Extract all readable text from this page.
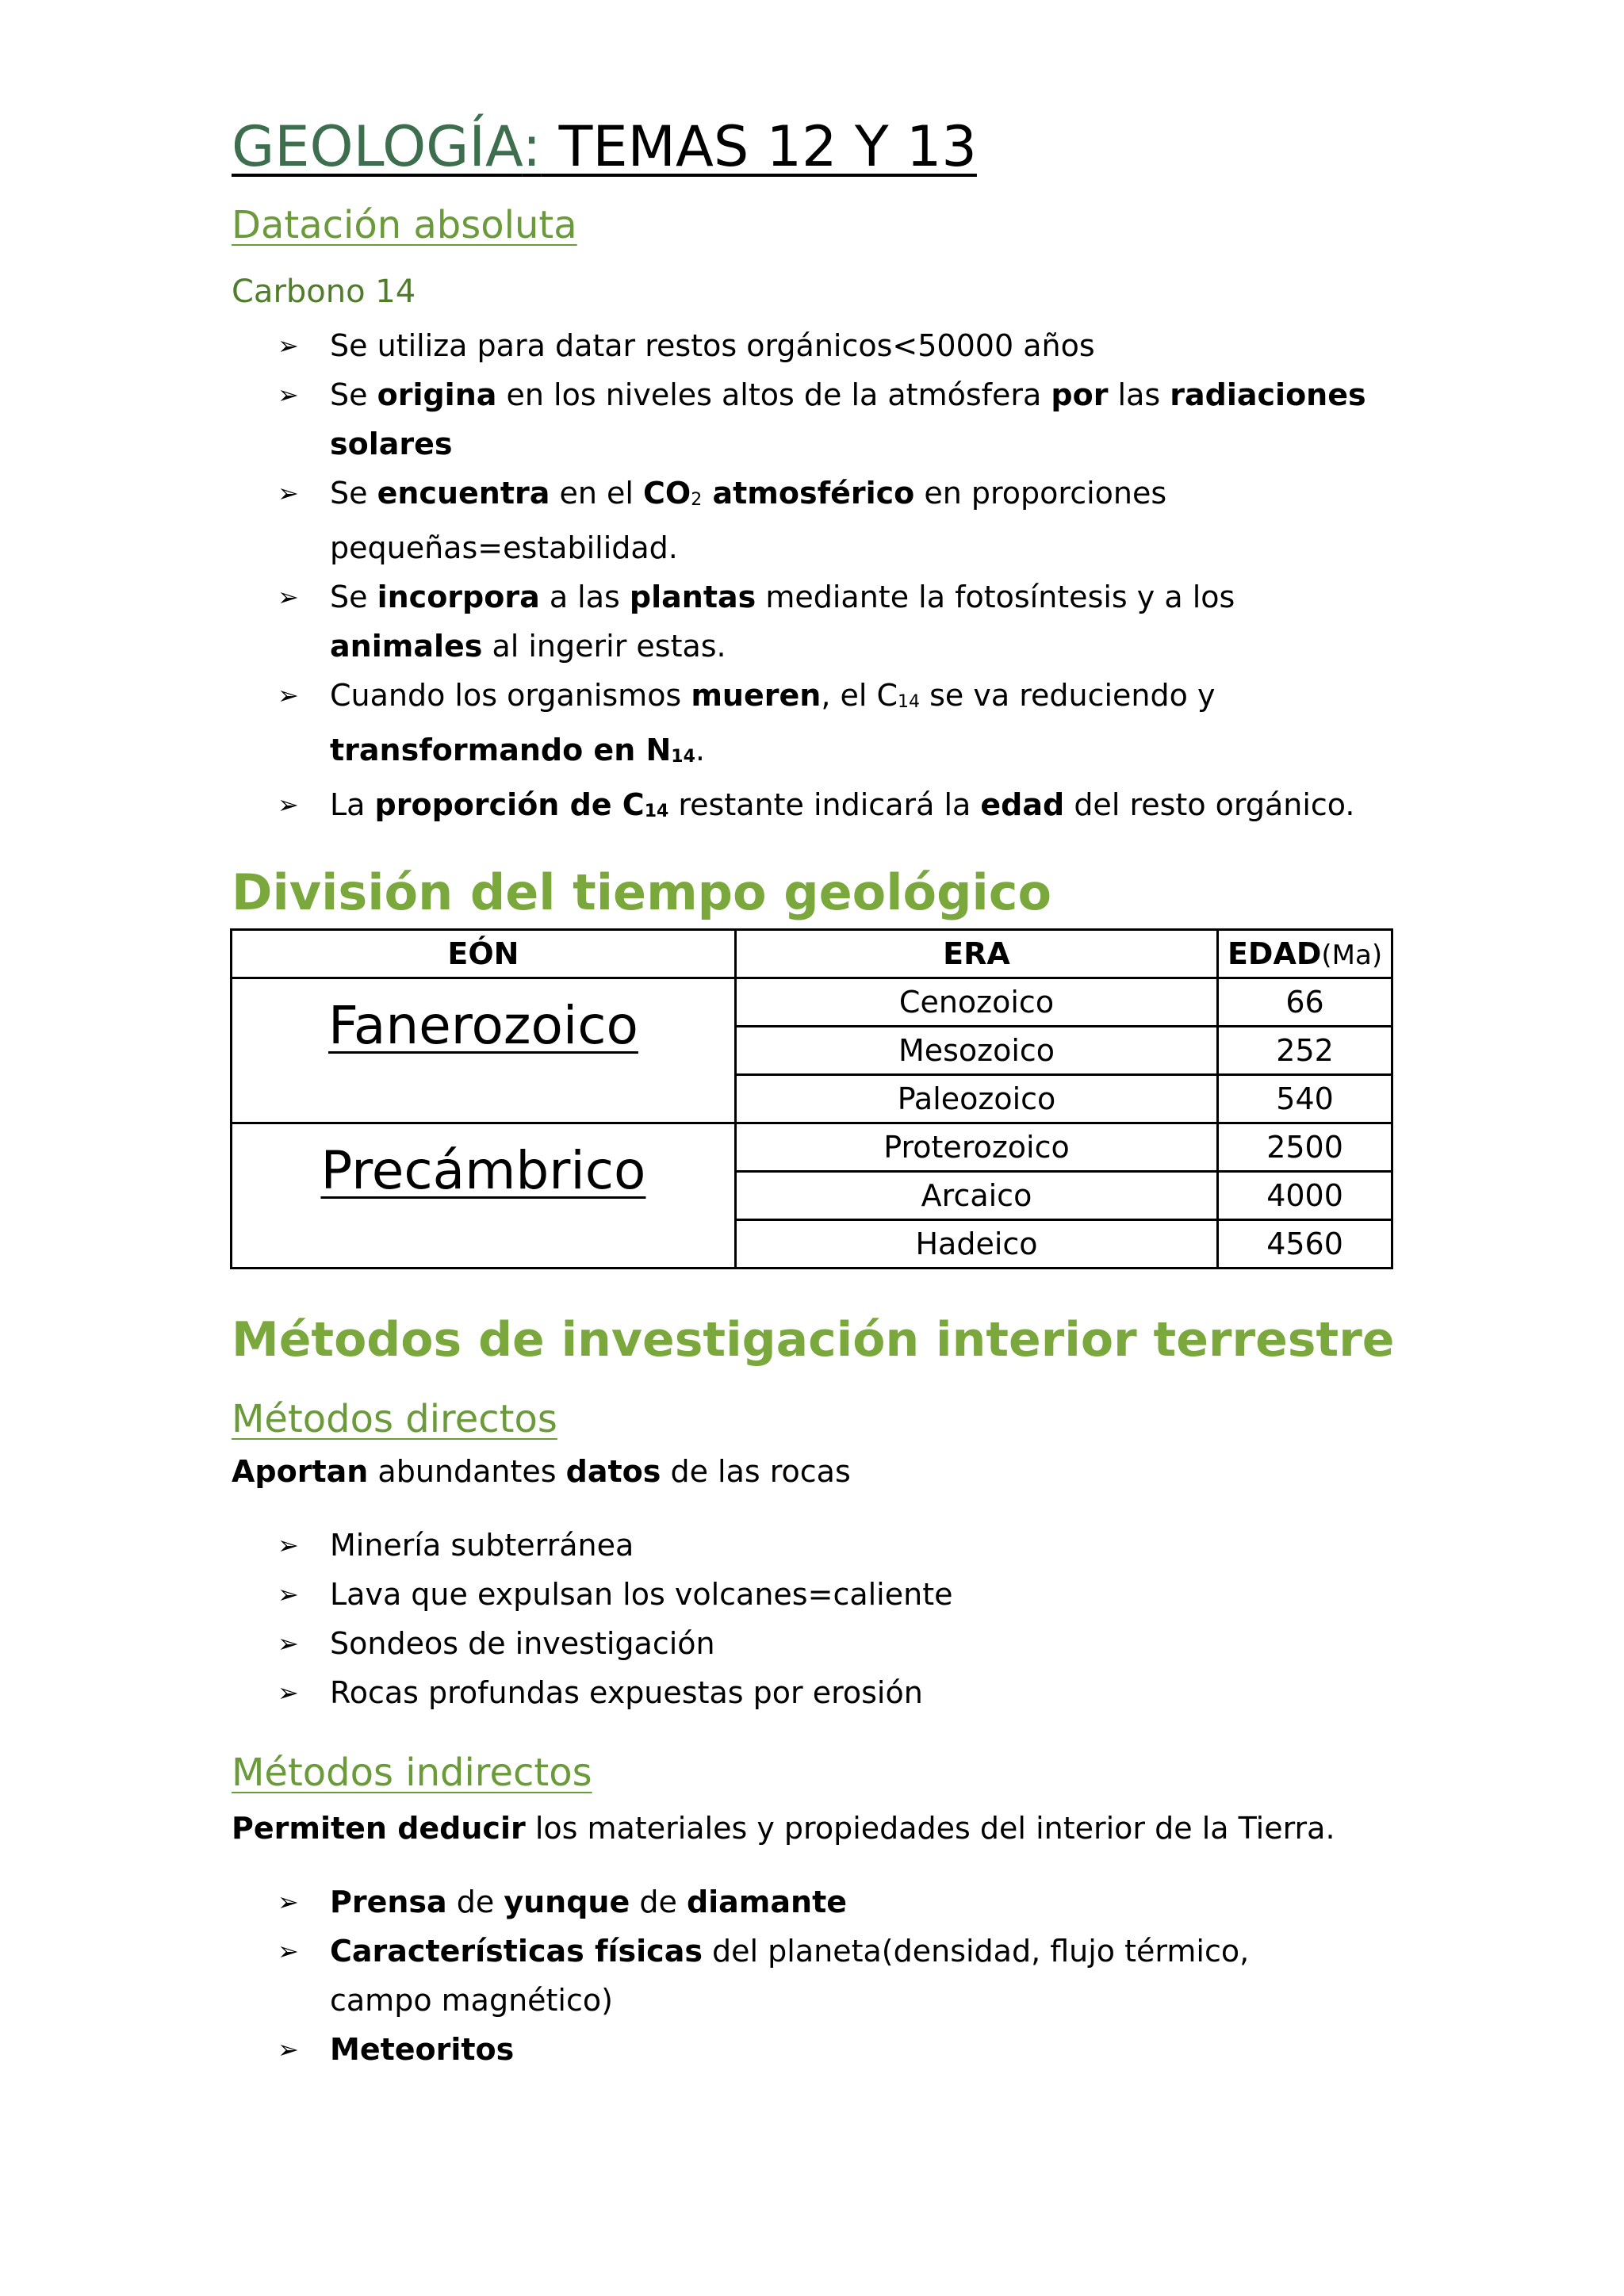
GEOLOGÍA: TEMAS 12 Y 13
Datación absoluta
Carbono 14
➢ Se utiliza para datar restos orgánicos<50000 años
➢ Se origina en los niveles altos de la atmósfera por las radiaciones solares
➢ Se encuentra en el $CO_2$ atmosférico en proporciones pequeñas=estabilidad.
➢ Se incorpora a las plantas mediante la fotosíntesis y a los animales al ingerir estas.
➢ Cuando los organismos mueren, el $C_{14}$ se va reduciendo y transformando en $N_{14}$.
➢ La proporción de $C_{14}$ restante indicará la edad del resto orgánico.
División del tiempo geológico
EÓN	ERA	EDAD(Ma)
Fanerozoico	Cenozoico	66
	Mesozoico	252
	Paleozoico	540
Precámbrico	Proterozoico	2500
	Arcaico	4000
	Hadeico	4560
Métodos de investigación interior terrestre
Métodos directos
Aportan abundantes datos de las rocas
➢ Minería subterránea
➢ Lava que expulsan los volcanes=caliente
➢ Sondeos de investigación
➢ Rocas profundas expuestas por erosión
Métodos indirectos
Permiten deducir los materiales y propiedades del interior de la Tierra.
➢ Prensa de yunque de diamante
➢ Características físicas del planeta(densidad, flujo térmico, campo magnético)
➢ Meteoritos
